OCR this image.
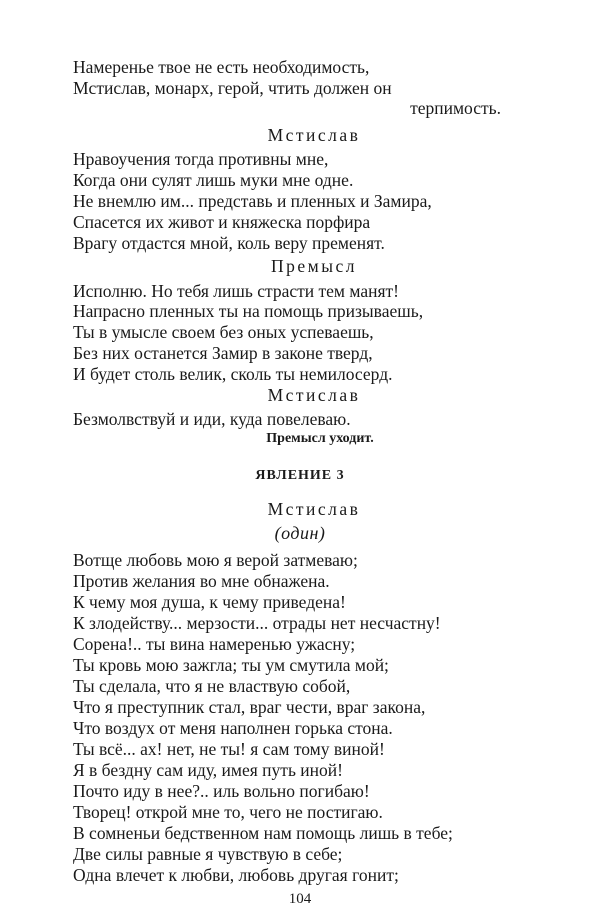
Намеренье твое не есть необходимость,

Мстислав, монарх, герой, чтить должен он

терпимость.

Мстислав

Нравоучения тогда противны мне,

Когда они сулят лишь муки мне одне.

Не внемлю им... представь и пленных и Замира,

Спасется их живот и княжеска порфира

Врагу отдастся мной, коль веру пременят.

Премысл

Исполню. Но тебя лишь страсти тем манят!

Напрасно пленных ты на помощь призываешь,

Ты в умысле своем без оных успеваешь,

Без них останется Замир в законе тверд,

И будет столь велик, сколь ты немилосерд.

Мстислав

Безмолвствуй и иди, куда повелеваю.

Премысл уходит.

ЯВЛЕНИЕ 3

Мстислав

(один)

Вотще любовь мою я верой затмеваю;

Против желания во мне обнажена.

К чему моя душа, к чему приведена!

К злодейству... мерзости... отрады нет несчастну!

Сорена!.. ты вина намеренью ужасну;

Ты кровь мою зажгла; ты ум смутила мой;

Ты сделала, что я не властвую собой,

Что я преступник стал, враг чести, враг закона,

Что воздух от меня наполнен горька стона.

Ты всё... ах! нет, не ты! я сам тому виной!

Я в бездну сам иду, имея путь иной!

Почто иду в нее?.. иль вольно погибаю!

Творец! открой мне то, чего не постигаю.

В сомненьи бедственном нам помощь лишь в тебе;

Две силы равные я чувствую в себе;

Одна влечет к любви, любовь другая гонит;

104
